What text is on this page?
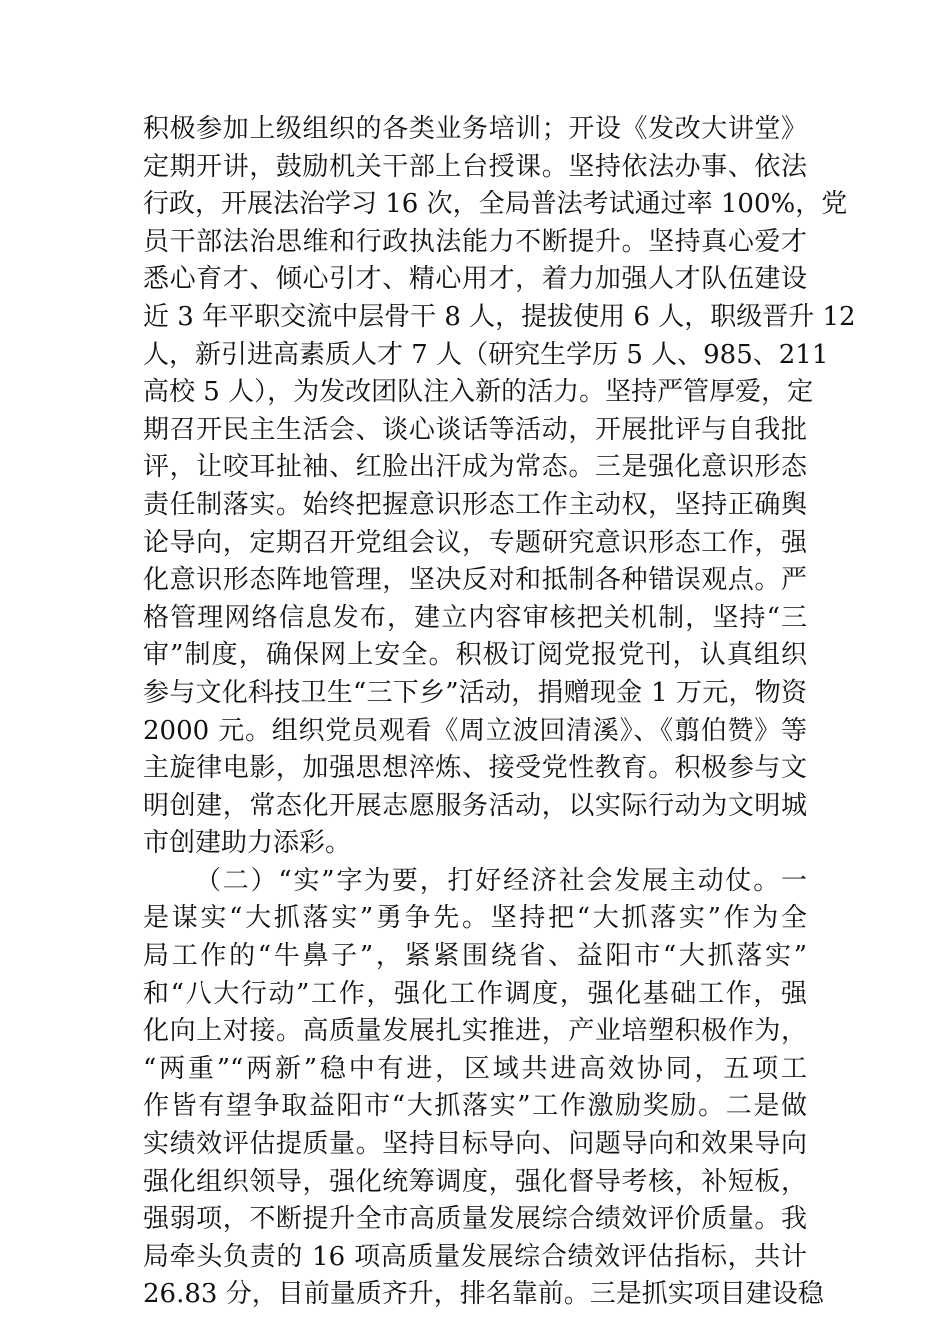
积极参加上级组织的各类业务培训；开设《发改大讲堂》
定期开讲，鼓励机关干部上台授课。坚持依法办事、依法
行政，开展法治学习 16 次，全局普法考试通过率 100%，党
员干部法治思维和行政执法能力不断提升。坚持真心爱才
悉心育才、倾心引才、精心用才，着力加强人才队伍建设
近 3 年平职交流中层骨干 8 人，提拔使用 6 人，职级晋升 12
人，新引进高素质人才 7 人（研究生学历 5 人、985、211
高校 5 人），为发改团队注入新的活力。坚持严管厚爱，定
期召开民主生活会、谈心谈话等活动，开展批评与自我批
评，让咬耳扯袖、红脸出汗成为常态。三是强化意识形态
责任制落实。始终把握意识形态工作主动权，坚持正确舆
论导向，定期召开党组会议，专题研究意识形态工作，强
化意识形态阵地管理，坚决反对和抵制各种错误观点。严
格管理网络信息发布，建立内容审核把关机制，坚持“三
审”制度，确保网上安全。积极订阅党报党刊，认真组织
参与文化科技卫生“三下乡”活动，捐赠现金 1 万元，物资
2000 元。组织党员观看《周立波回清溪》、《翦伯赞》等
主旋律电影，加强思想淬炼、接受党性教育。积极参与文
明创建，常态化开展志愿服务活动，以实际行动为文明城
市创建助力添彩。
（二）“实”字为要，打好经济社会发展主动仗。一
是谋实“大抓落实”勇争先。坚持把“大抓落实”作为全
局工作的“牛鼻子”，紧紧围绕省、益阳市“大抓落实”
和“八大行动”工作，强化工作调度，强化基础工作，强
化向上对接。高质量发展扎实推进，产业培塑积极作为，
“两重”“两新”稳中有进，区域共进高效协同，五项工
作皆有望争取益阳市“大抓落实”工作激励奖励。二是做
实绩效评估提质量。坚持目标导向、问题导向和效果导向
强化组织领导，强化统筹调度，强化督导考核，补短板，
强弱项，不断提升全市高质量发展综合绩效评价质量。我
局牵头负责的 16 项高质量发展综合绩效评估指标，共计
26.83 分，目前量质齐升，排名靠前。三是抓实项目建设稳
